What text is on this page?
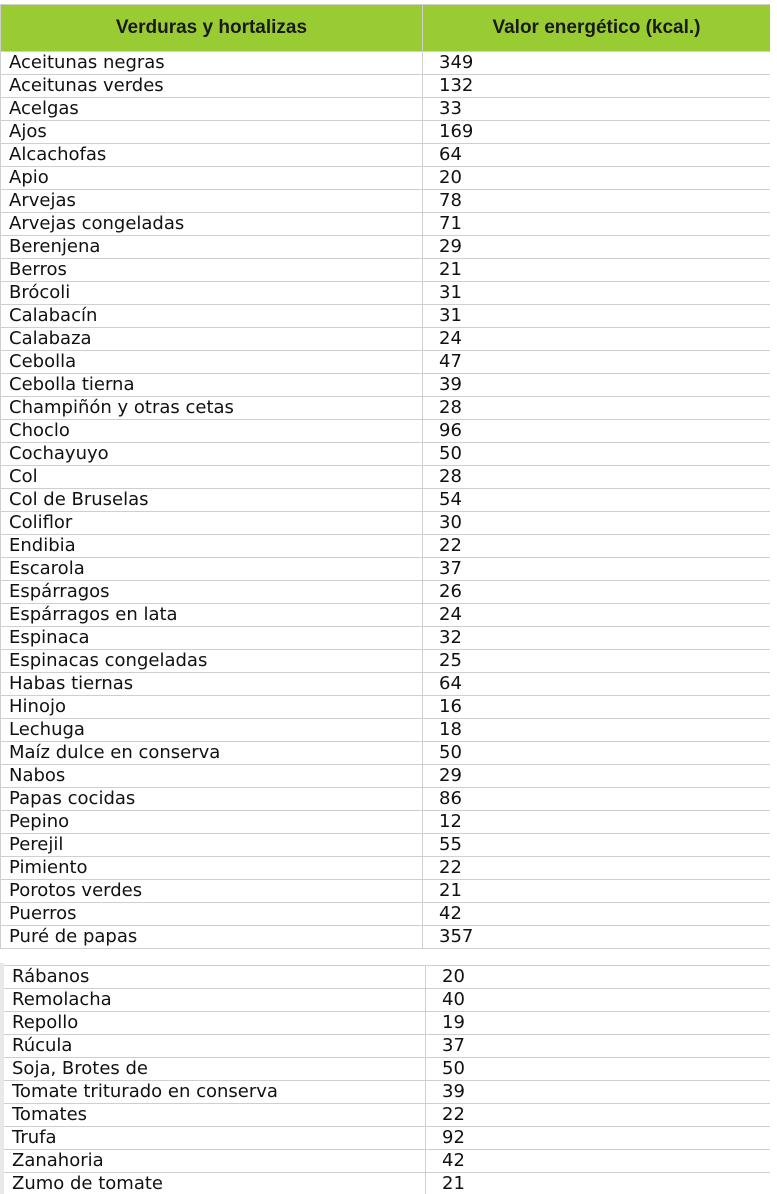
Verduras y hortalizas	Valor energético (kcal.)
Aceitunas negras	349
Aceitunas verdes	132
Acelgas	33
Ajos	169
Alcachofas	64
Apio	20
Arvejas	78
Arvejas congeladas	71
Berenjena	29
Berros	21
Brócoli	31
Calabacín	31
Calabaza	24
Cebolla	47
Cebolla tierna	39
Champiñón y otras cetas	28
Choclo	96
Cochayuyo	50
Col	28
Col de Bruselas	54
Coliflor	30
Endibia	22
Escarola	37
Espárragos	26
Espárragos en lata	24
Espinaca	32
Espinacas congeladas	25
Habas tiernas	64
Hinojo	16
Lechuga	18
Maíz dulce en conserva	50
Nabos	29
Papas cocidas	86
Pepino	12
Perejil	55
Pimiento	22
Porotos verdes	21
Puerros	42
Puré de papas	357
Rábanos	20
Remolacha	40
Repollo	19
Rúcula	37
Soja, Brotes de	50
Tomate triturado en conserva	39
Tomates	22
Trufa	92
Zanahoria	42
Zumo de tomate	21
